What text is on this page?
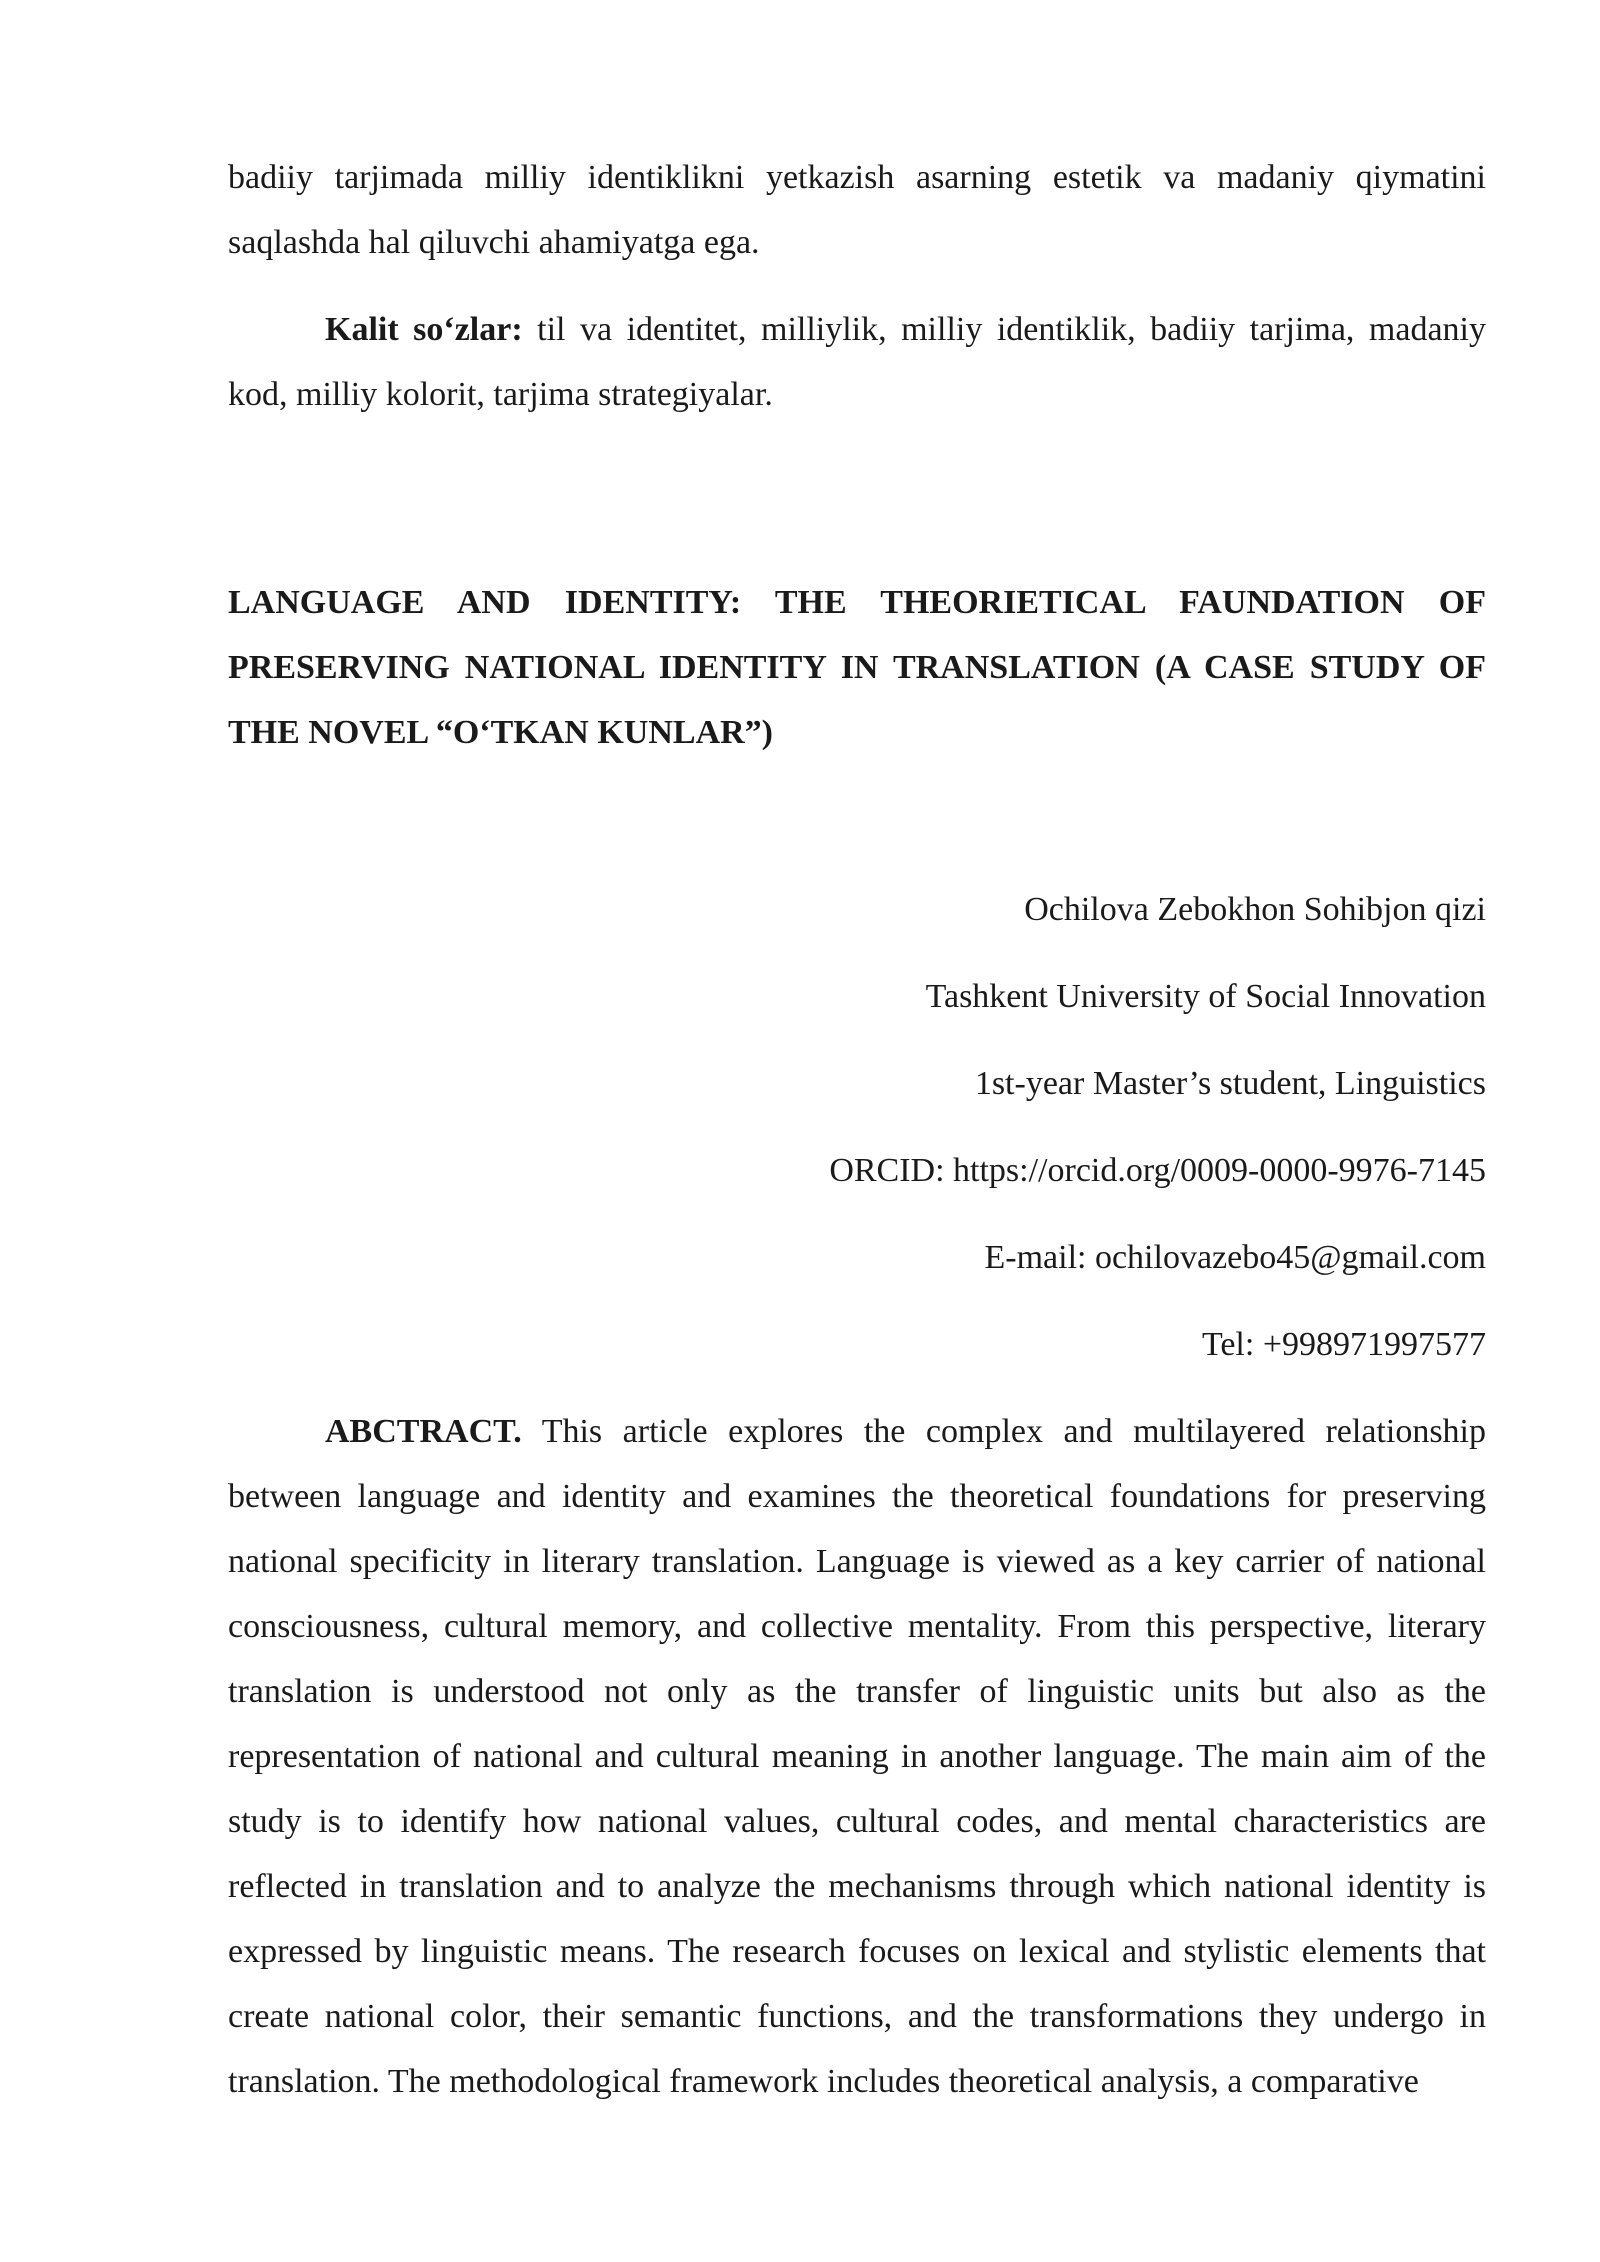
badiiy tarjimada milliy identiklikni yetkazish asarning estetik va madaniy qiymatini saqlashda hal qiluvchi ahamiyatga ega.

Kalit so‘zlar: til va identitet, milliylik, milliy identiklik, badiiy tarjima, madaniy kod, milliy kolorit, tarjima strategiyalar.

LANGUAGE AND IDENTITY: THE THEORIETICAL FAUNDATION OF PRESERVING NATIONAL IDENTITY IN TRANSLATION (A CASE STUDY OF THE NOVEL “O‘TKAN KUNLAR”)

Ochilova Zebokhon Sohibjon qizi
Tashkent University of Social Innovation
1st-year Master’s student, Linguistics
ORCID: https://orcid.org/0009-0000-9976-7145
E-mail: ochilovazebo45@gmail.com
Tel: +998971997577

ABCTRACT. This article explores the complex and multilayered relationship between language and identity and examines the theoretical foundations for preserving national specificity in literary translation. Language is viewed as a key carrier of national consciousness, cultural memory, and collective mentality. From this perspective, literary translation is understood not only as the transfer of linguistic units but also as the representation of national and cultural meaning in another language. The main aim of the study is to identify how national values, cultural codes, and mental characteristics are reflected in translation and to analyze the mechanisms through which national identity is expressed by linguistic means. The research focuses on lexical and stylistic elements that create national color, their semantic functions, and the transformations they undergo in translation. The methodological framework includes theoretical analysis, a comparative
